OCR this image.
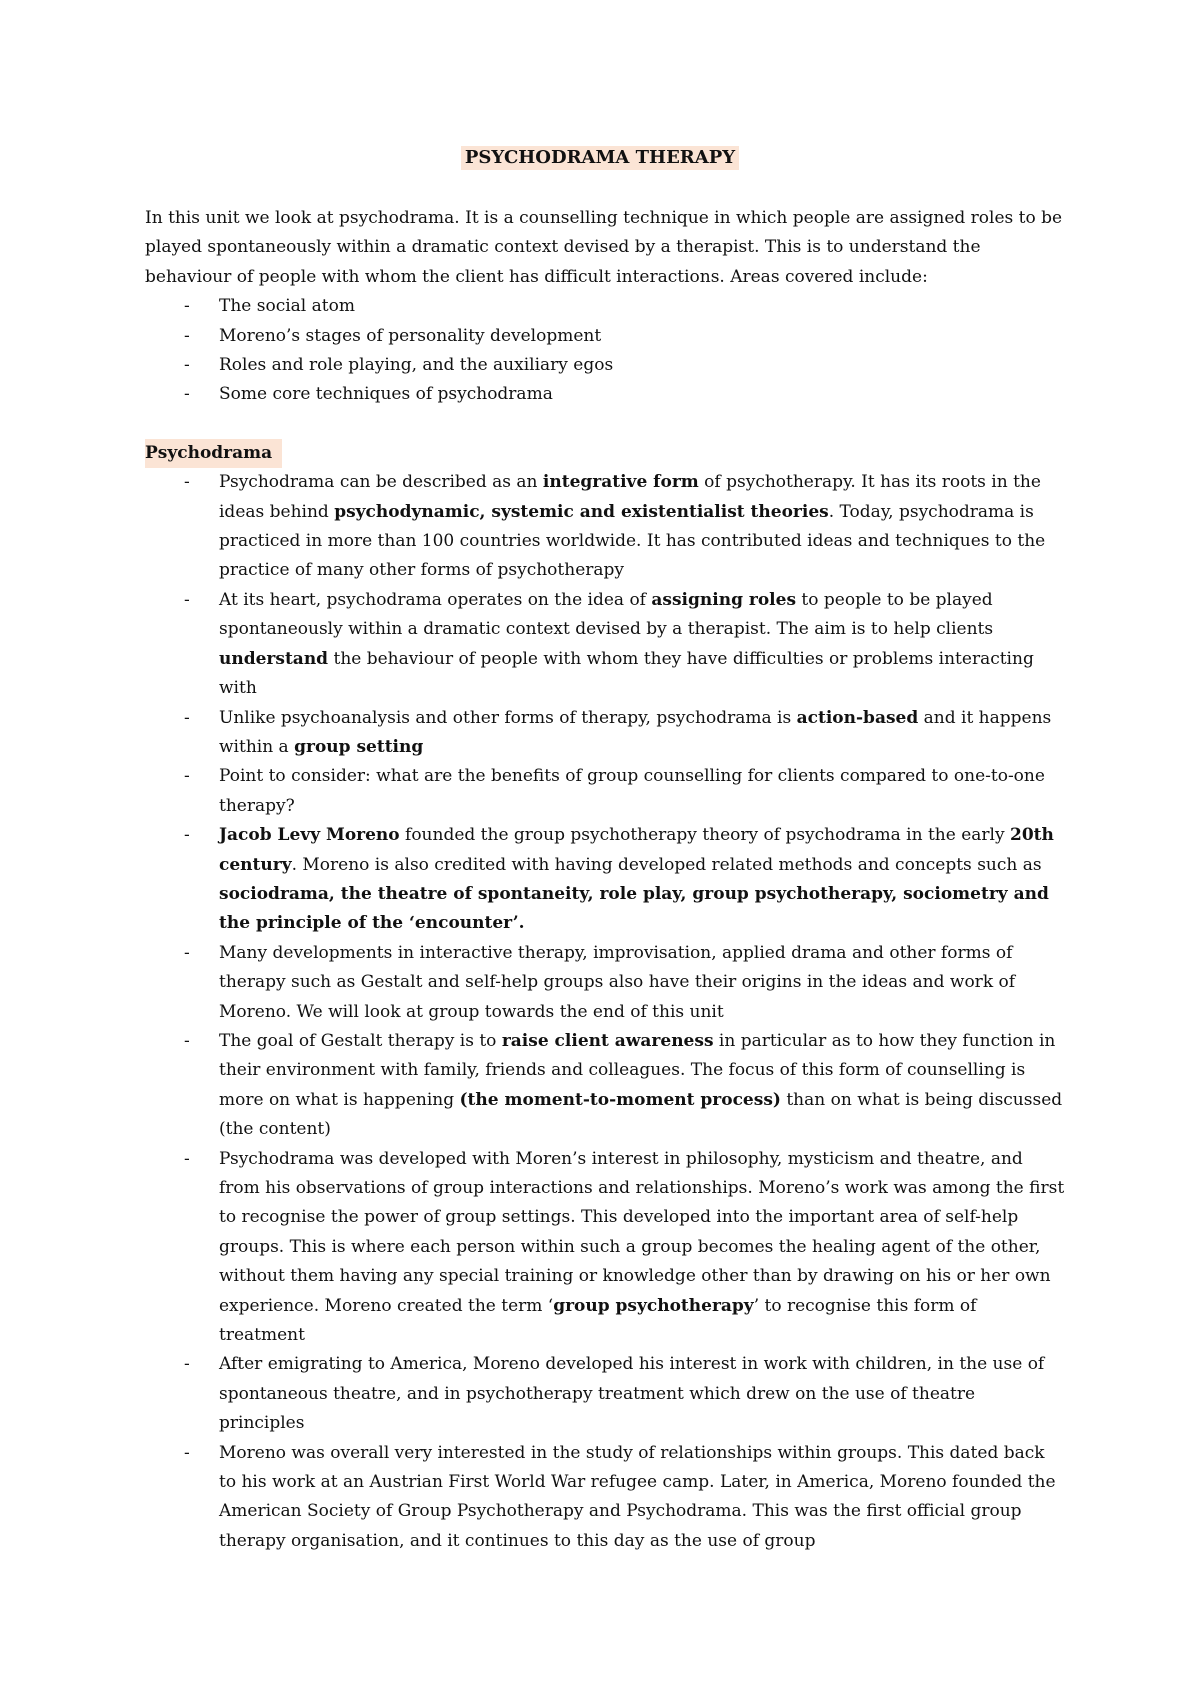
PSYCHODRAMA THERAPY

In this unit we look at psychodrama. It is a counselling technique in which people are assigned roles to be played spontaneously within a dramatic context devised by a therapist. This is to understand the behaviour of people with whom the client has difficult interactions. Areas covered include:

- The social atom
- Moreno’s stages of personality development
- Roles and role playing, and the auxiliary egos
- Some core techniques of psychodrama
Psychodrama
- Psychodrama can be described as an integrative form of psychotherapy. It has its roots in the ideas behind psychodynamic, systemic and existentialist theories. Today, psychodrama is practiced in more than 100 countries worldwide. It has contributed ideas and techniques to the practice of many other forms of psychotherapy
- At its heart, psychodrama operates on the idea of assigning roles to people to be played spontaneously within a dramatic context devised by a therapist. The aim is to help clients understand the behaviour of people with whom they have difficulties or problems interacting with
- Unlike psychoanalysis and other forms of therapy, psychodrama is action-based and it happens within a group setting
- Point to consider: what are the benefits of group counselling for clients compared to one-to-one therapy?
- Jacob Levy Moreno founded the group psychotherapy theory of psychodrama in the early 20th century. Moreno is also credited with having developed related methods and concepts such as sociodrama, the theatre of spontaneity, role play, group psychotherapy, sociometry and the principle of the ‘encounter’.
- Many developments in interactive therapy, improvisation, applied drama and other forms of therapy such as Gestalt and self-help groups also have their origins in the ideas and work of Moreno. We will look at group towards the end of this unit
- The goal of Gestalt therapy is to raise client awareness in particular as to how they function in their environment with family, friends and colleagues. The focus of this form of counselling is more on what is happening (the moment-to-moment process) than on what is being discussed (the content)
- Psychodrama was developed with Moren’s interest in philosophy, mysticism and theatre, and from his observations of group interactions and relationships. Moreno’s work was among the first to recognise the power of group settings. This developed into the important area of self-help groups. This is where each person within such a group becomes the healing agent of the other, without them having any special training or knowledge other than by drawing on his or her own experience. Moreno created the term ‘group psychotherapy’ to recognise this form of treatment
- After emigrating to America, Moreno developed his interest in work with children, in the use of spontaneous theatre, and in psychotherapy treatment which drew on the use of theatre principles
- Moreno was overall very interested in the study of relationships within groups. This dated back to his work at an Austrian First World War refugee camp. Later, in America, Moreno founded the American Society of Group Psychotherapy and Psychodrama. This was the first official group therapy organisation, and it continues to this day as the use of group
